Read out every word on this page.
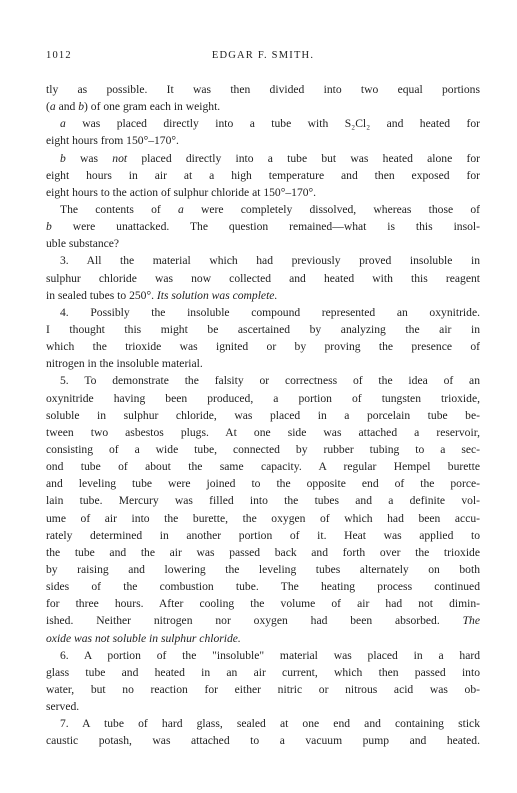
1012	EDGAR F. SMITH.
tly as possible. It was then divided into two equal portions
(a and b) of one gram each in weight.
a was placed directly into a tube with S₂Cl₂ and heated for
eight hours from 150°–170°.
b was not placed directly into a tube but was heated alone for
eight hours in air at a high temperature and then exposed for
eight hours to the action of sulphur chloride at 150°–170°.
The contents of a were completely dissolved, whereas those of
b were unattacked. The question remained—what is this insol-
uble substance?
3. All the material which had previously proved insoluble in
sulphur chloride was now collected and heated with this reagent
in sealed tubes to 250°. Its solution was complete.
4. Possibly the insoluble compound represented an oxynitride.
I thought this might be ascertained by analyzing the air in
which the trioxide was ignited or by proving the presence of
nitrogen in the insoluble material.
5. To demonstrate the falsity or correctness of the idea of an
oxynitride having been produced, a portion of tungsten trioxide,
soluble in sulphur chloride, was placed in a porcelain tube be-
tween two asbestos plugs. At one side was attached a reservoir,
consisting of a wide tube, connected by rubber tubing to a sec-
ond tube of about the same capacity. A regular Hempel burette
and leveling tube were joined to the opposite end of the porce-
lain tube. Mercury was filled into the tubes and a definite vol-
ume of air into the burette, the oxygen of which had been accu-
rately determined in another portion of it. Heat was applied to
the tube and the air was passed back and forth over the trioxide
by raising and lowering the leveling tubes alternately on both
sides of the combustion tube. The heating process continued
for three hours. After cooling the volume of air had not dimin-
ished. Neither nitrogen nor oxygen had been absorbed. The
oxide was not soluble in sulphur chloride.
6. A portion of the "insoluble" material was placed in a hard
glass tube and heated in an air current, which then passed into
water, but no reaction for either nitric or nitrous acid was ob-
served.
7. A tube of hard glass, sealed at one end and containing stick
caustic potash, was attached to a vacuum pump and heated.
